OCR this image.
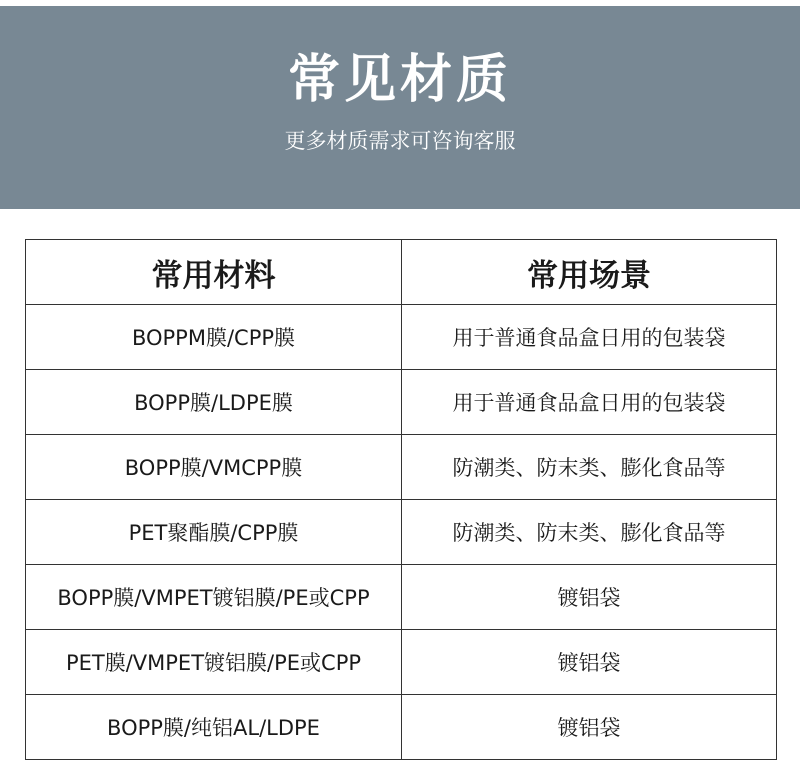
常见材质
更多材质需求可咨询客服
常用材料	常用场景
BOPPM膜/CPP膜	用于普通食品盒日用的包装袋
BOPP膜/LDPE膜	用于普通食品盒日用的包装袋
BOPP膜/VMCPP膜	防潮类、防末类、膨化食品等
PET聚酯膜/CPP膜	防潮类、防末类、膨化食品等
BOPP膜/VMPET镀铝膜/PE或CPP	镀铝袋
PET膜/VMPET镀铝膜/PE或CPP	镀铝袋
BOPP膜/纯铝AL/LDPE	镀铝袋
